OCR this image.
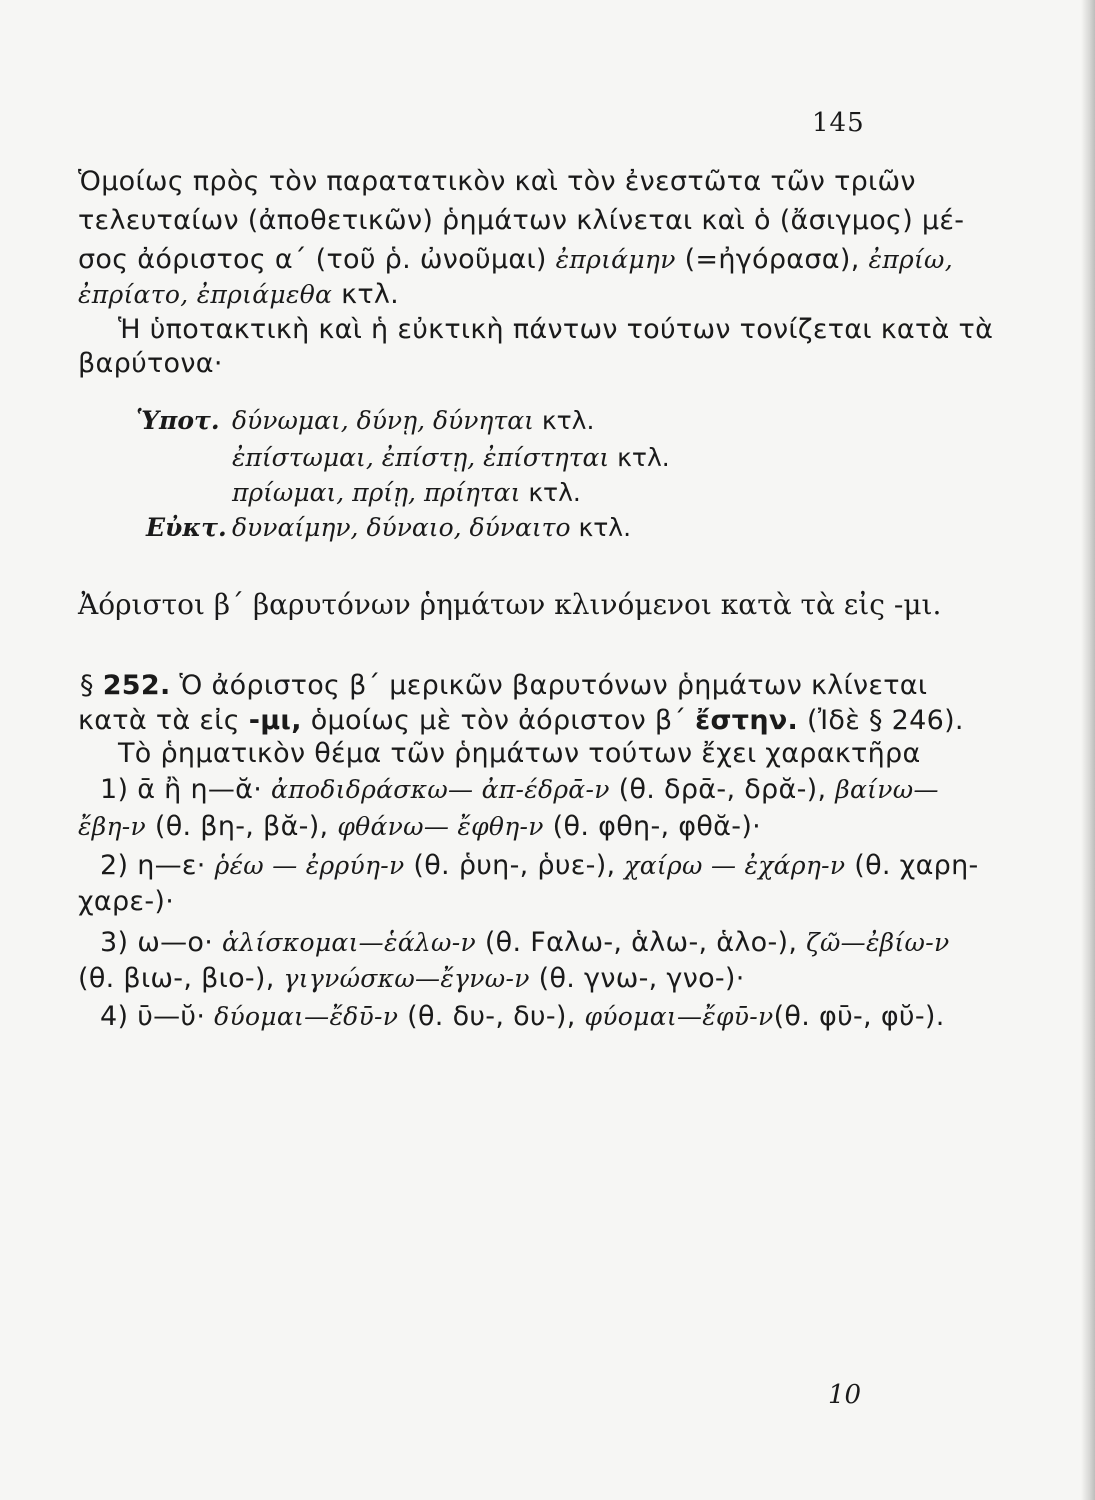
145
Ὁμοίως πρὸς τὸν παρατατικὸν καὶ τὸν ἐνεστῶτα τῶν τριῶν
τελευταίων (ἀποθετικῶν) ῥημάτων κλίνεται καὶ ὁ (ἄσιγμος) μέ-
σος ἀόριστος α΄ (τοῦ ῥ. ὠνοῦμαι) ἐπριάμην (=ἠγόρασα), ἐπρίω,
ἐπρίατο, ἐπριάμεθα κτλ.
Ἡ ὑποτακτικὴ καὶ ἡ εὐκτικὴ πάντων τούτων τονίζεται κατὰ τὰ
βαρύτονα·
Ὑποτ. δύνωμαι, δύνῃ, δύνηται κτλ.
ἐπίστωμαι, ἐπίστῃ, ἐπίστηται κτλ.
πρίωμαι, πρίῃ, πρίηται κτλ.
Εὐκτ. δυναίμην, δύναιο, δύναιτο κτλ.
Ἀόριστοι β΄ βαρυτόνων ῥημάτων κλινόμενοι κατὰ τὰ εἰς -μι.
§ 252. Ὁ ἀόριστος β΄ μερικῶν βαρυτόνων ῥημάτων κλίνεται
κατὰ τὰ εἰς -μι, ὁμοίως μὲ τὸν ἀόριστον β΄ ἔστην. (Ἰδὲ § 246).
Τὸ ῥηματικὸν θέμα τῶν ῥημάτων τούτων ἔχει χαρακτῆρα
1) ᾱ ἢ η—ᾰ· ἀποδιδράσκω— ἀπ-έδρᾱ-ν (θ. δρᾱ-, δρᾰ-), βαίνω—
ἔβη-ν (θ. βη-, βᾰ-), φθάνω— ἔφθη-ν (θ. φθη-, φθᾰ-)·
2) η—ε· ῥέω — ἐρρύη-ν (θ. ῥυη-, ῥυε-), χαίρω — ἐχάρη-ν (θ. χαρη-
χαρε-)·
3) ω—ο· ἁλίσκομαι—ἑάλω-ν (θ. Fαλω-, ἁλω-, ἁλο-), ζῶ—ἐβίω-ν
(θ. βιω-, βιο-), γιγνώσκω—ἔγνω-ν (θ. γνω-, γνο-)·
4) ῡ—ῠ· δύομαι—ἔδῡ-ν (θ. δυ-, δυ-), φύομαι—ἔφῡ-ν(θ. φῡ-, φῠ-).
10
